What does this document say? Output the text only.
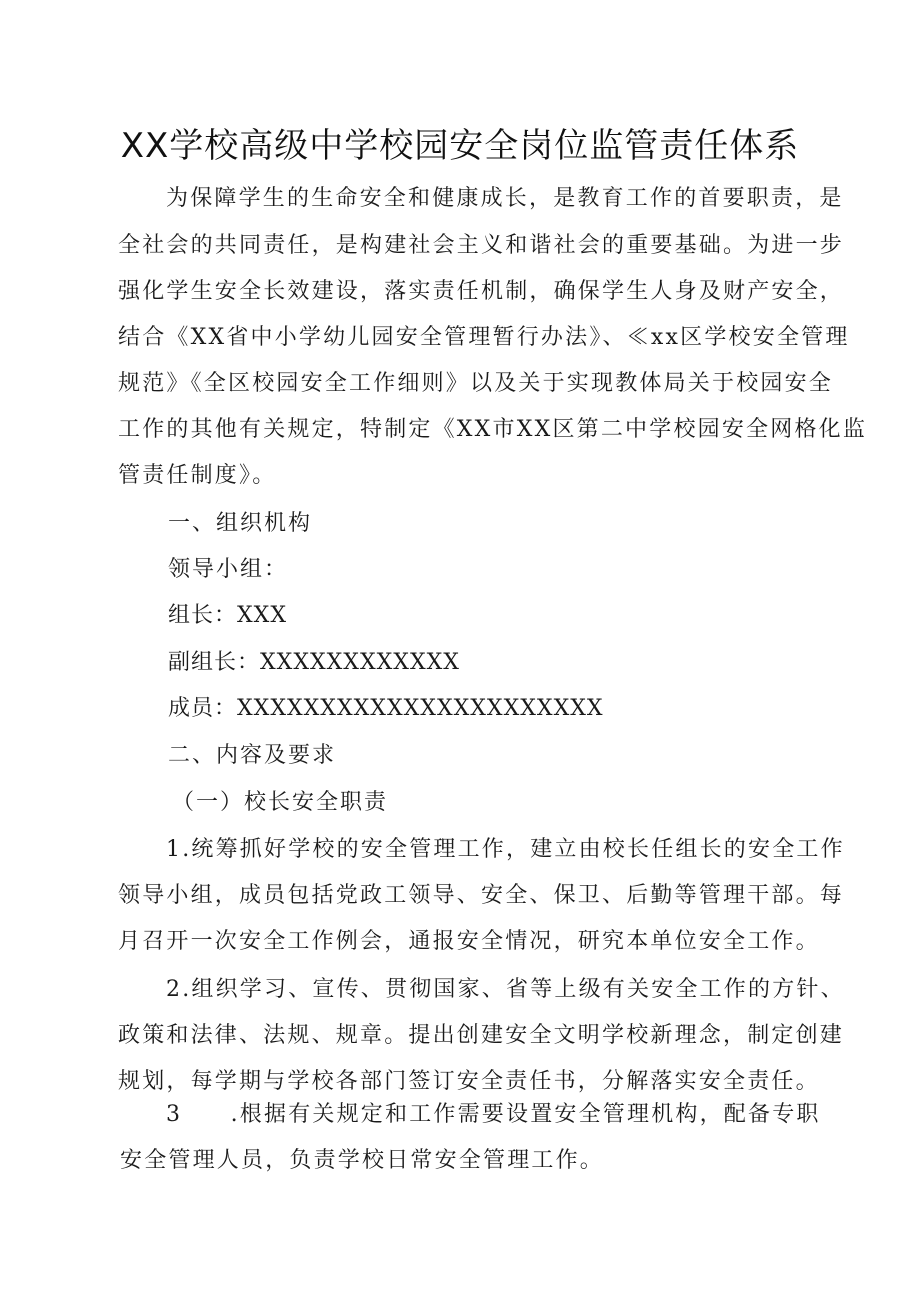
XX学校高级中学校园安全岗位监管责任体系
为保障学生的生命安全和健康成长，是教育工作的首要职责，是
全社会的共同责任，是构建社会主义和谐社会的重要基础。为进一步
强化学生安全长效建设，落实责任机制，确保学生人身及财产安全，
结合《XX省中小学幼儿园安全管理暂行办法》、≪xx区学校安全管理
规范》《全区校园安全工作细则》以及关于实现教体局关于校园安全
工作的其他有关规定，特制定《XX市XX区第二中学校园安全网格化监
管责任制度》。
一、组织机构
领导小组：
组长：XXX
副组长：XXXXXXXXXXXX
成员：XXXXXXXXXXXXXXXXXXXXXX
二、内容及要求
（一）校长安全职责
1.统筹抓好学校的安全管理工作，建立由校长任组长的安全工作
领导小组，成员包括党政工领导、安全、保卫、后勤等管理干部。每
月召开一次安全工作例会，通报安全情况，研究本单位安全工作。
2.组织学习、宣传、贯彻国家、省等上级有关安全工作的方针、
政策和法律、法规、规章。提出创建安全文明学校新理念，制定创建
规划，每学期与学校各部门签订安全责任书，分解落实安全责任。
3　　.根据有关规定和工作需要设置安全管理机构，配备专职
安全管理人员，负责学校日常安全管理工作。
